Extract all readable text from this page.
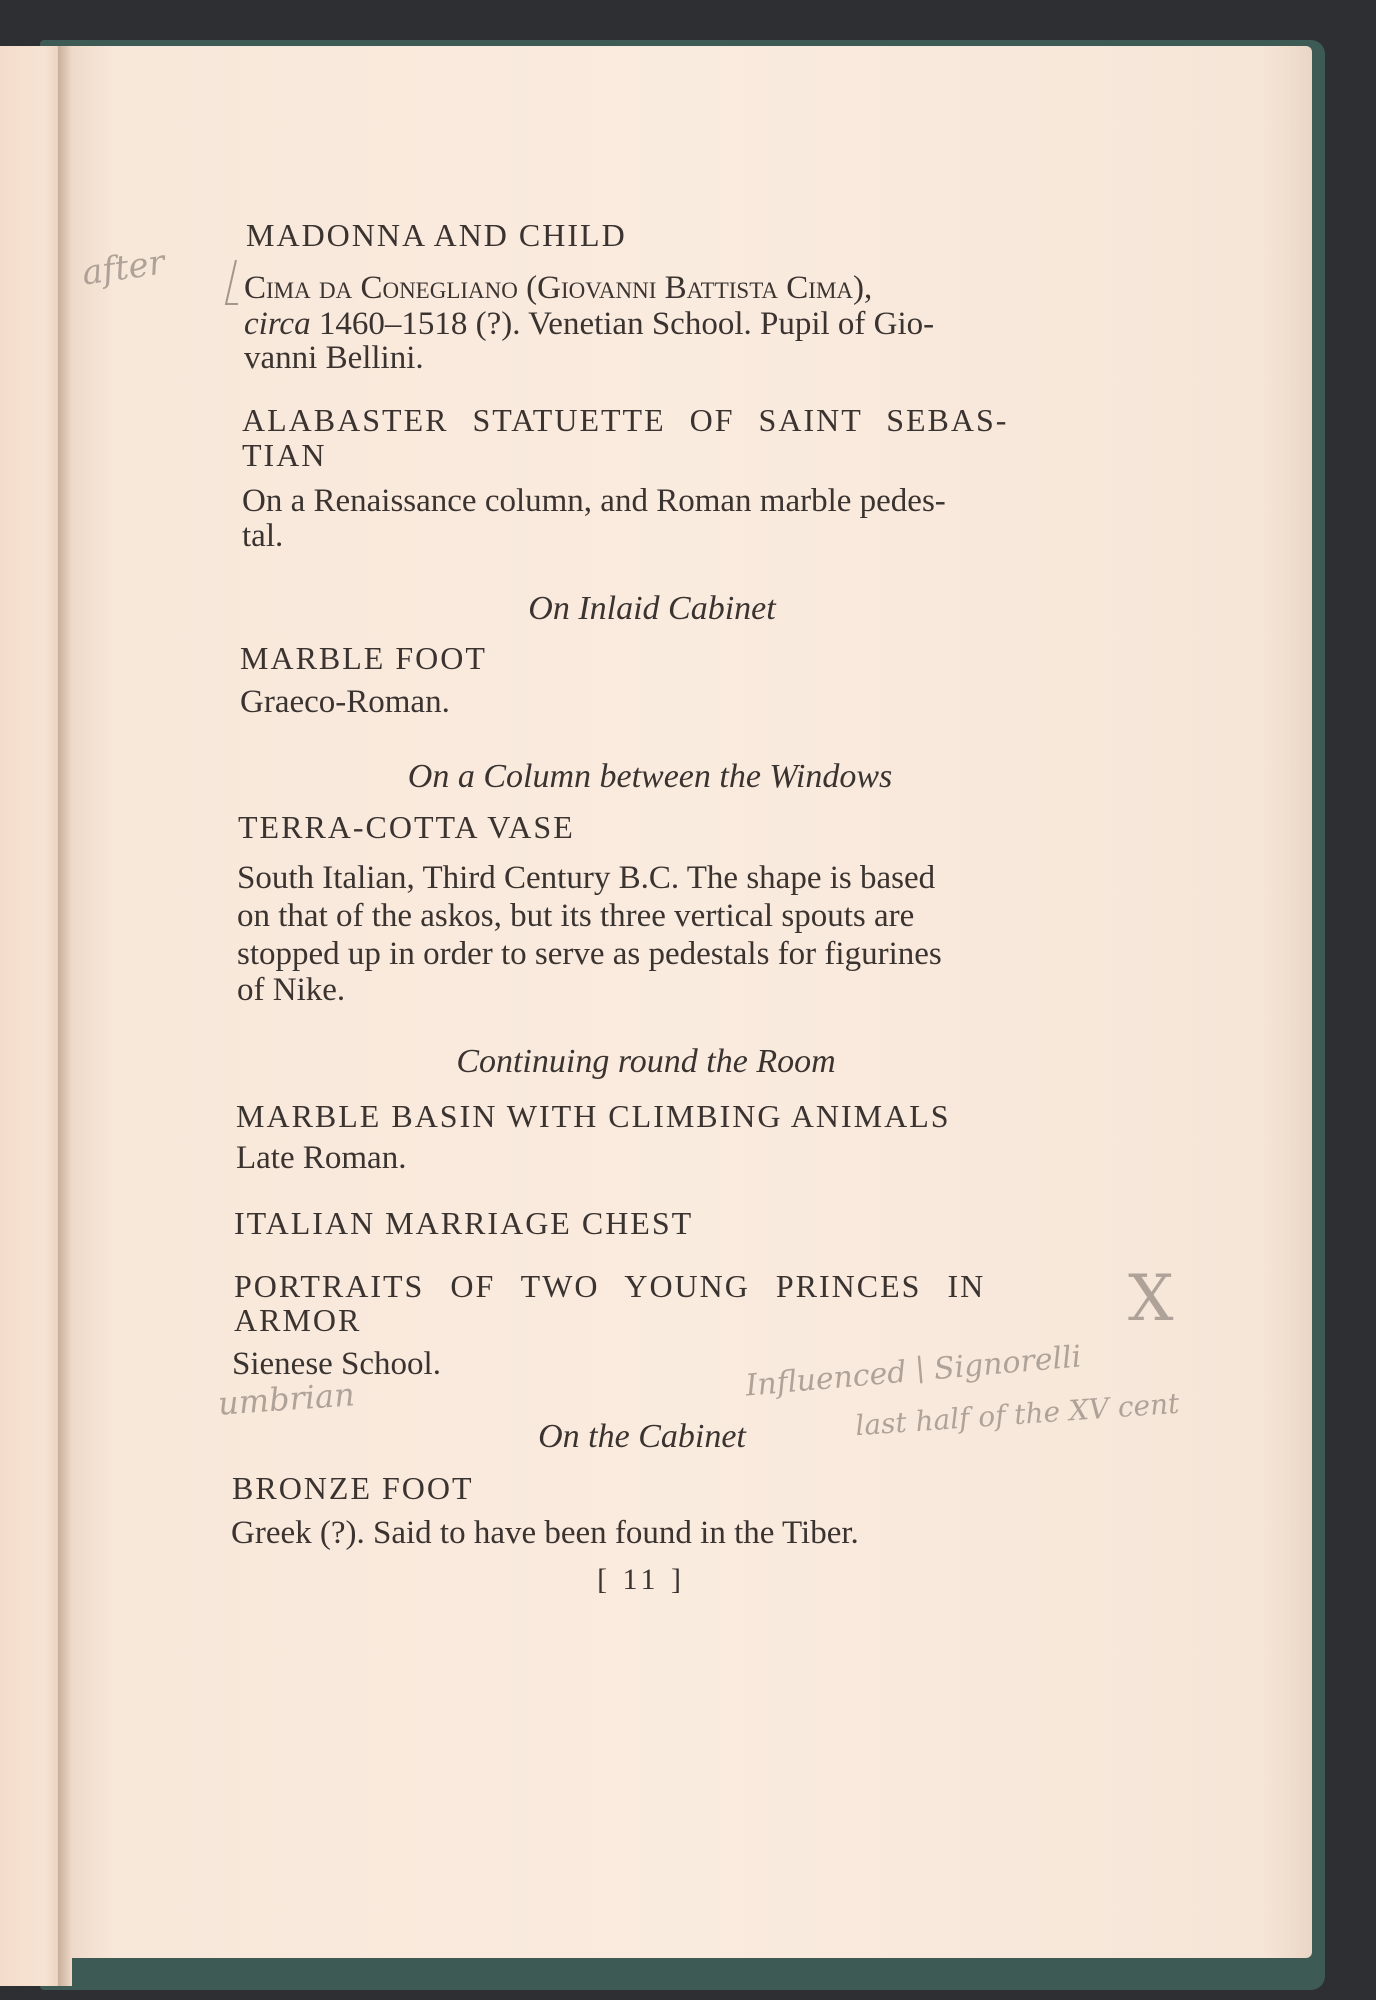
MADONNA AND CHILD
Cima da Conegliano (Giovanni Battista Cima),
circa 1460–1518 (?). Venetian School. Pupil of Gio-
vanni Bellini.
ALABASTER STATUETTE OF SAINT SEBAS-
TIAN
On a Renaissance column, and Roman marble pedes-
tal.
On Inlaid Cabinet
MARBLE FOOT
Graeco-Roman.
On a Column between the Windows
TERRA-COTTA VASE
South Italian, Third Century B.C. The shape is based
on that of the askos, but its three vertical spouts are
stopped up in order to serve as pedestals for figurines
of Nike.
Continuing round the Room
MARBLE BASIN WITH CLIMBING ANIMALS
Late Roman.
ITALIAN MARRIAGE CHEST
PORTRAITS OF TWO YOUNG PRINCES IN
ARMOR
Sienese School.
On the Cabinet
BRONZE FOOT
Greek (?). Said to have been found in the Tiber.
[ 11 ]
after
umbrian	Influenced ∣ Signorelli
last half of the XV cent
X
